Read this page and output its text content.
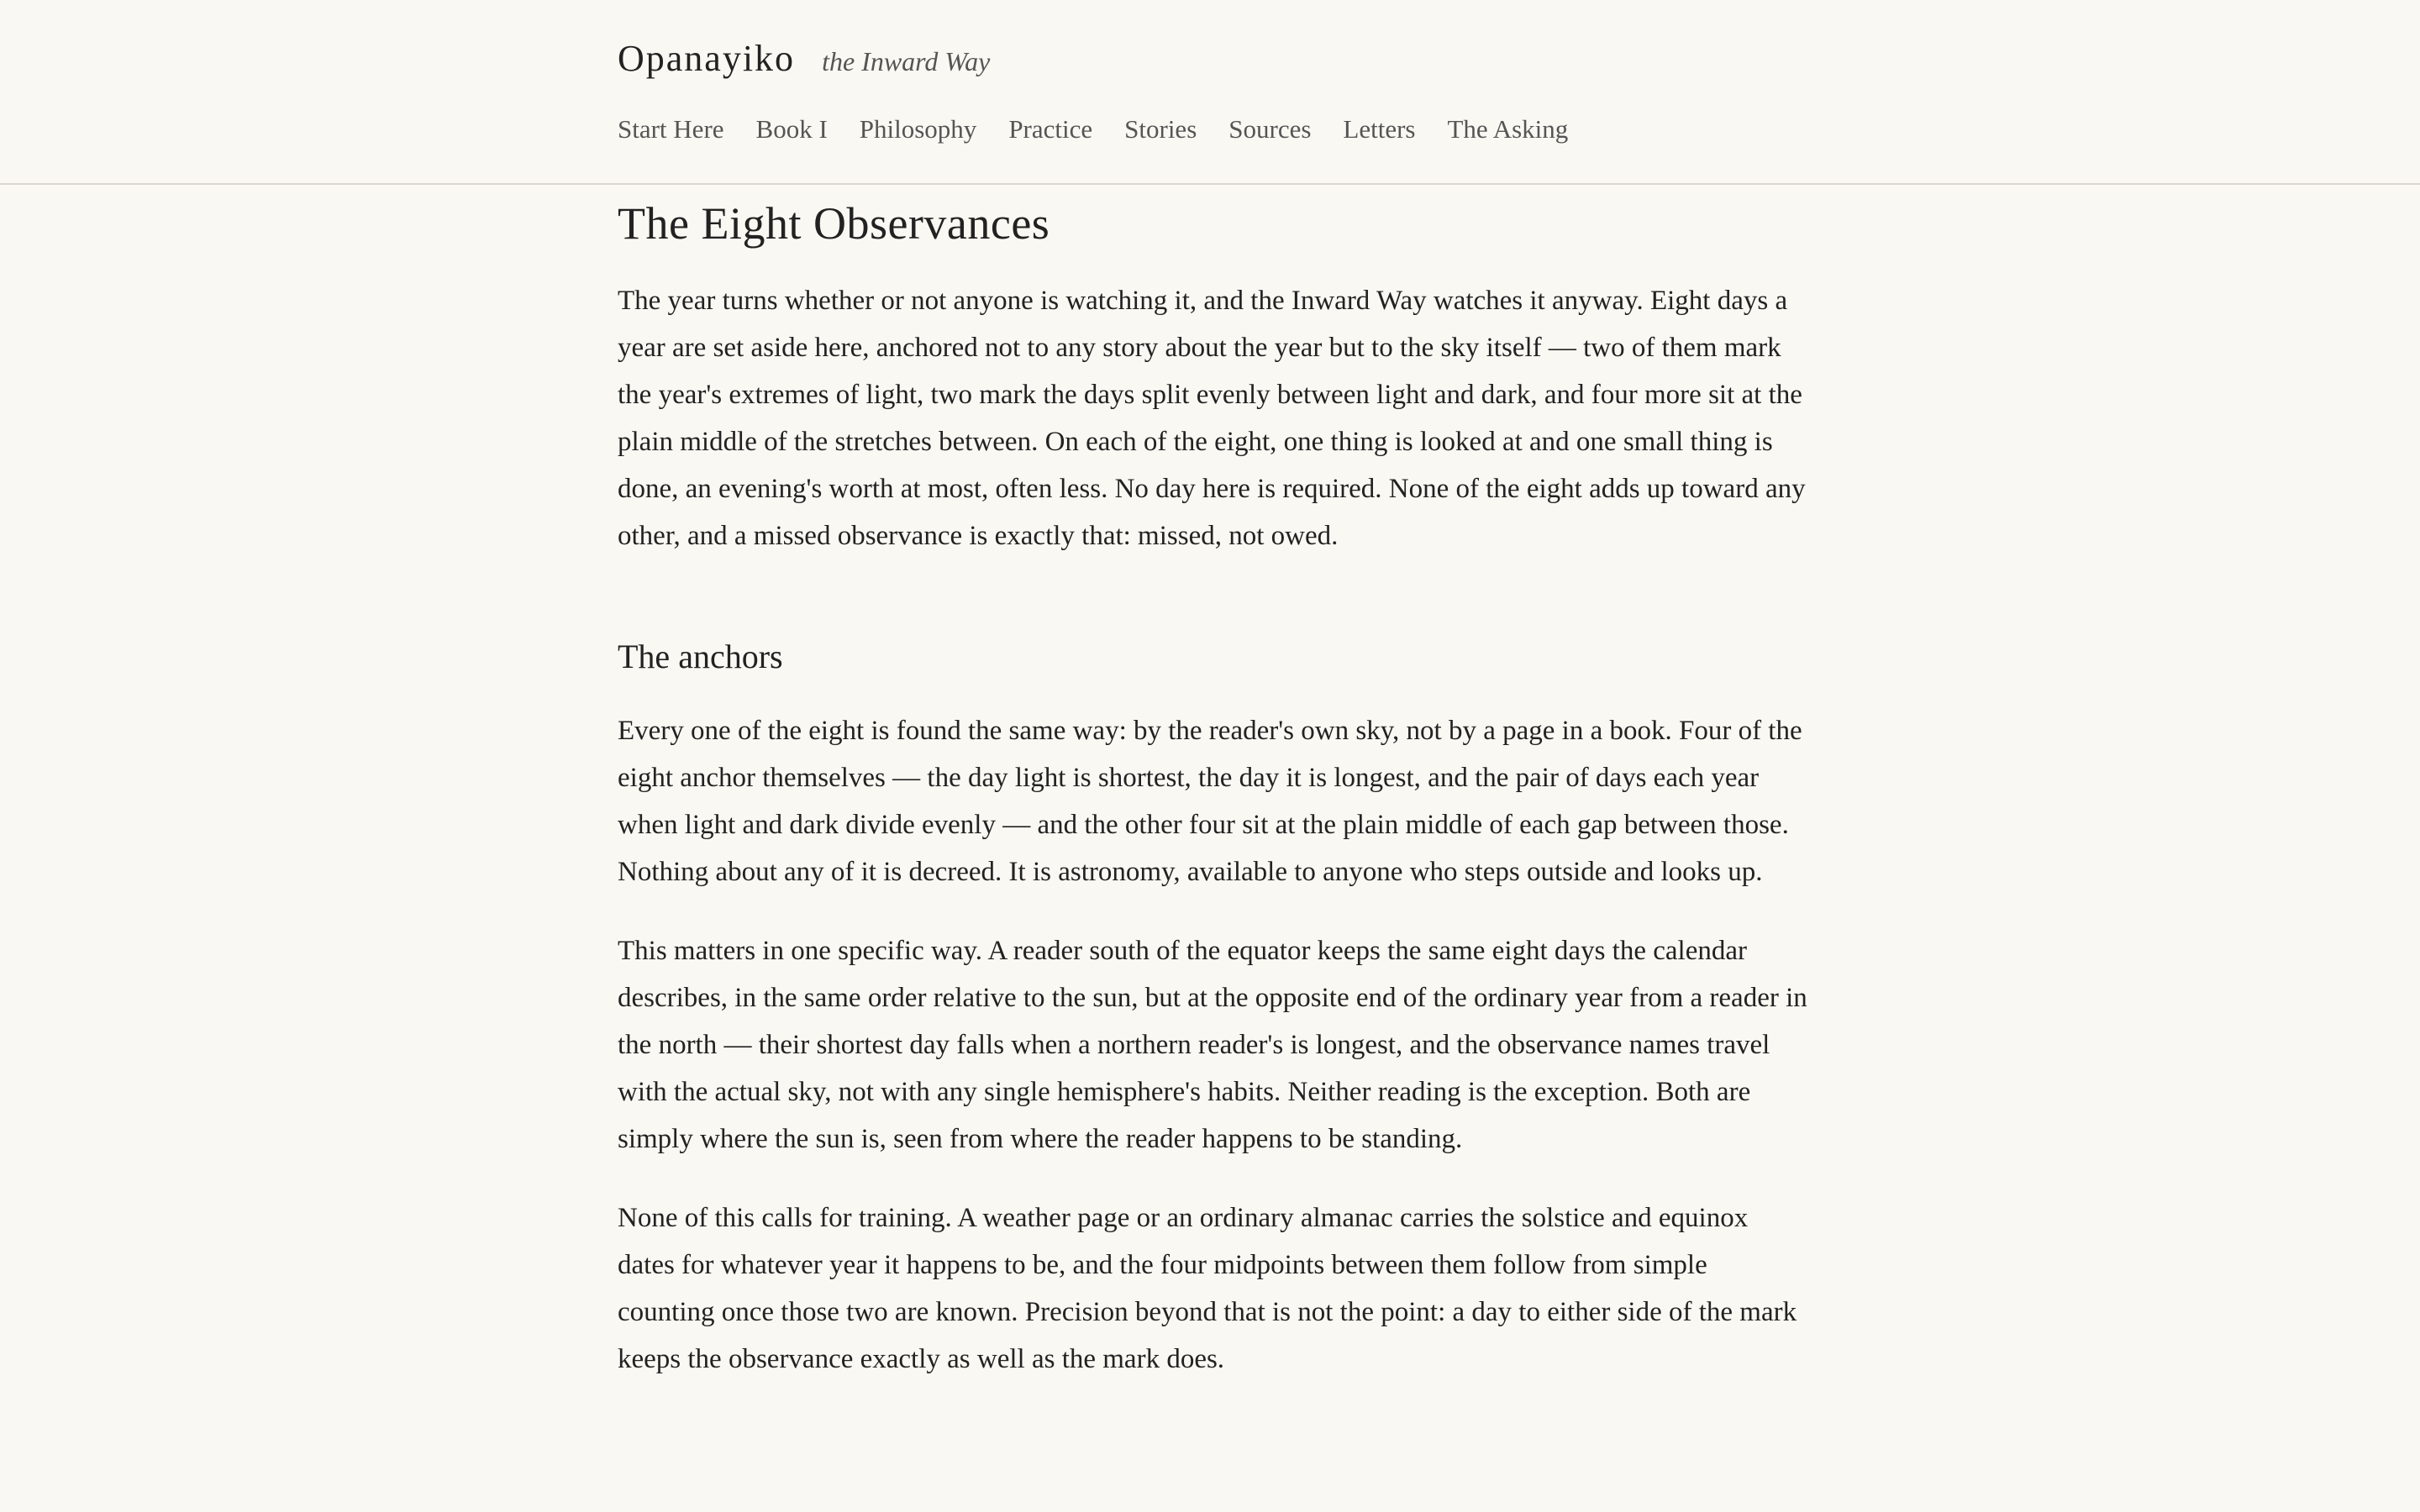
Opanayiko the Inward Way
Start Here Book I Philosophy Practice Stories Sources Letters The Asking
The Eight Observances

The year turns whether or not anyone is watching it, and the Inward Way watches it anyway. Eight days a year are set aside here, anchored not to any story about the year but to the sky itself — two of them mark the year's extremes of light, two mark the days split evenly between light and dark, and four more sit at the plain middle of the stretches between. On each of the eight, one thing is looked at and one small thing is done, an evening's worth at most, often less. No day here is required. None of the eight adds up toward any other, and a missed observance is exactly that: missed, not owed.

The anchors

Every one of the eight is found the same way: by the reader's own sky, not by a page in a book. Four of the eight anchor themselves — the day light is shortest, the day it is longest, and the pair of days each year when light and dark divide evenly — and the other four sit at the plain middle of each gap between those. Nothing about any of it is decreed. It is astronomy, available to anyone who steps outside and looks up.

This matters in one specific way. A reader south of the equator keeps the same eight days the calendar describes, in the same order relative to the sun, but at the opposite end of the ordinary year from a reader in the north — their shortest day falls when a northern reader's is longest, and the observance names travel with the actual sky, not with any single hemisphere's habits. Neither reading is the exception. Both are simply where the sun is, seen from where the reader happens to be standing.

None of this calls for training. A weather page or an ordinary almanac carries the solstice and equinox dates for whatever year it happens to be, and the four midpoints between them follow from simple counting once those two are known. Precision beyond that is not the point: a day to either side of the mark keeps the observance exactly as well as the mark does.
